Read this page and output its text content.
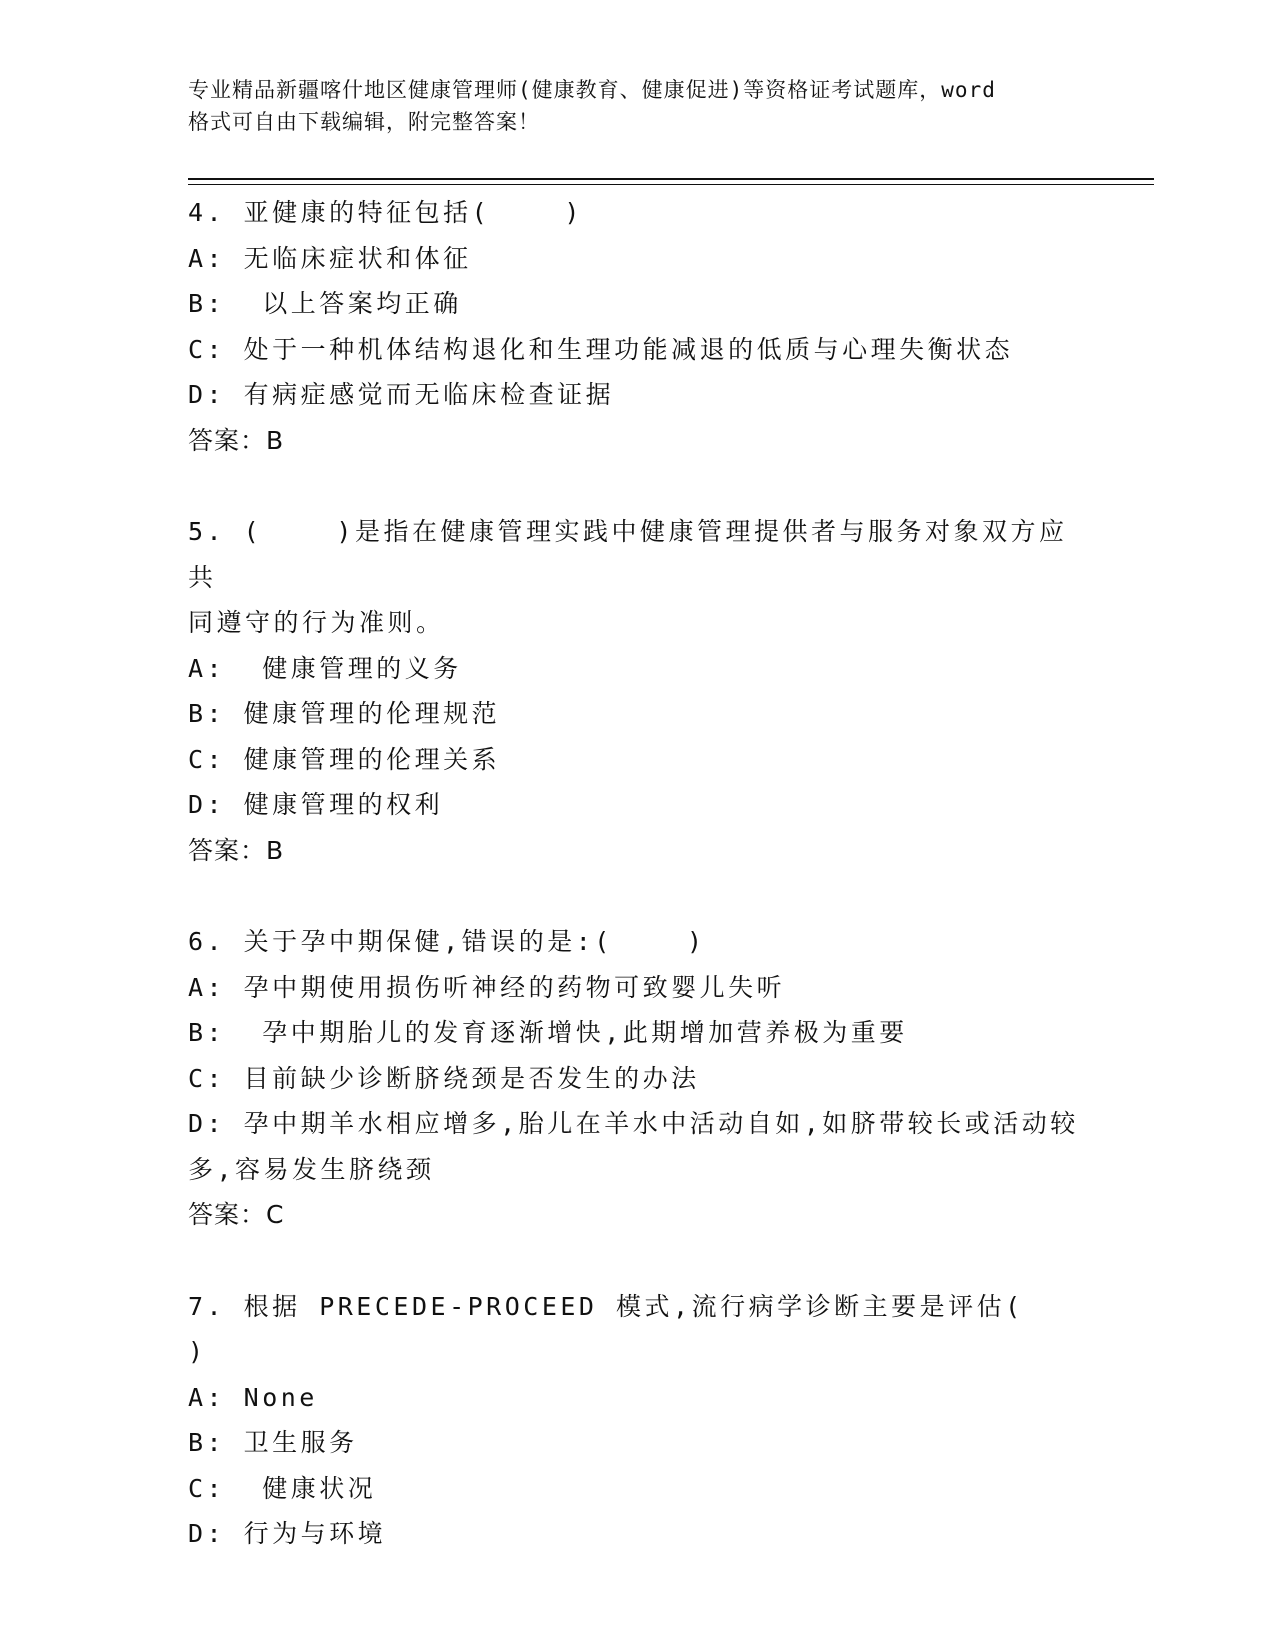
专业精品新疆喀什地区健康管理师(健康教育、健康促进)等资格证考试题库，word
格式可自由下载编辑，附完整答案！
4. 亚健康的特征包括(    )
A: 无临床症状和体征
B:  以上答案均正确
C: 处于一种机体结构退化和生理功能减退的低质与心理失衡状态
D: 有病症感觉而无临床检查证据
答案：B
5. (    )是指在健康管理实践中健康管理提供者与服务对象双方应共
同遵守的行为准则。
A:  健康管理的义务
B: 健康管理的伦理规范
C: 健康管理的伦理关系
D: 健康管理的权利
答案：B
6. 关于孕中期保健,错误的是:(    )
A: 孕中期使用损伤听神经的药物可致婴儿失听
B:  孕中期胎儿的发育逐渐增快,此期增加营养极为重要
C: 目前缺少诊断脐绕颈是否发生的办法
D: 孕中期羊水相应增多,胎儿在羊水中活动自如,如脐带较长或活动较
多,容易发生脐绕颈
答案：C
7. 根据 PRECEDE-PROCEED 模式,流行病学诊断主要是评估(    )
A: None
B: 卫生服务
C:  健康状况
D: 行为与环境
